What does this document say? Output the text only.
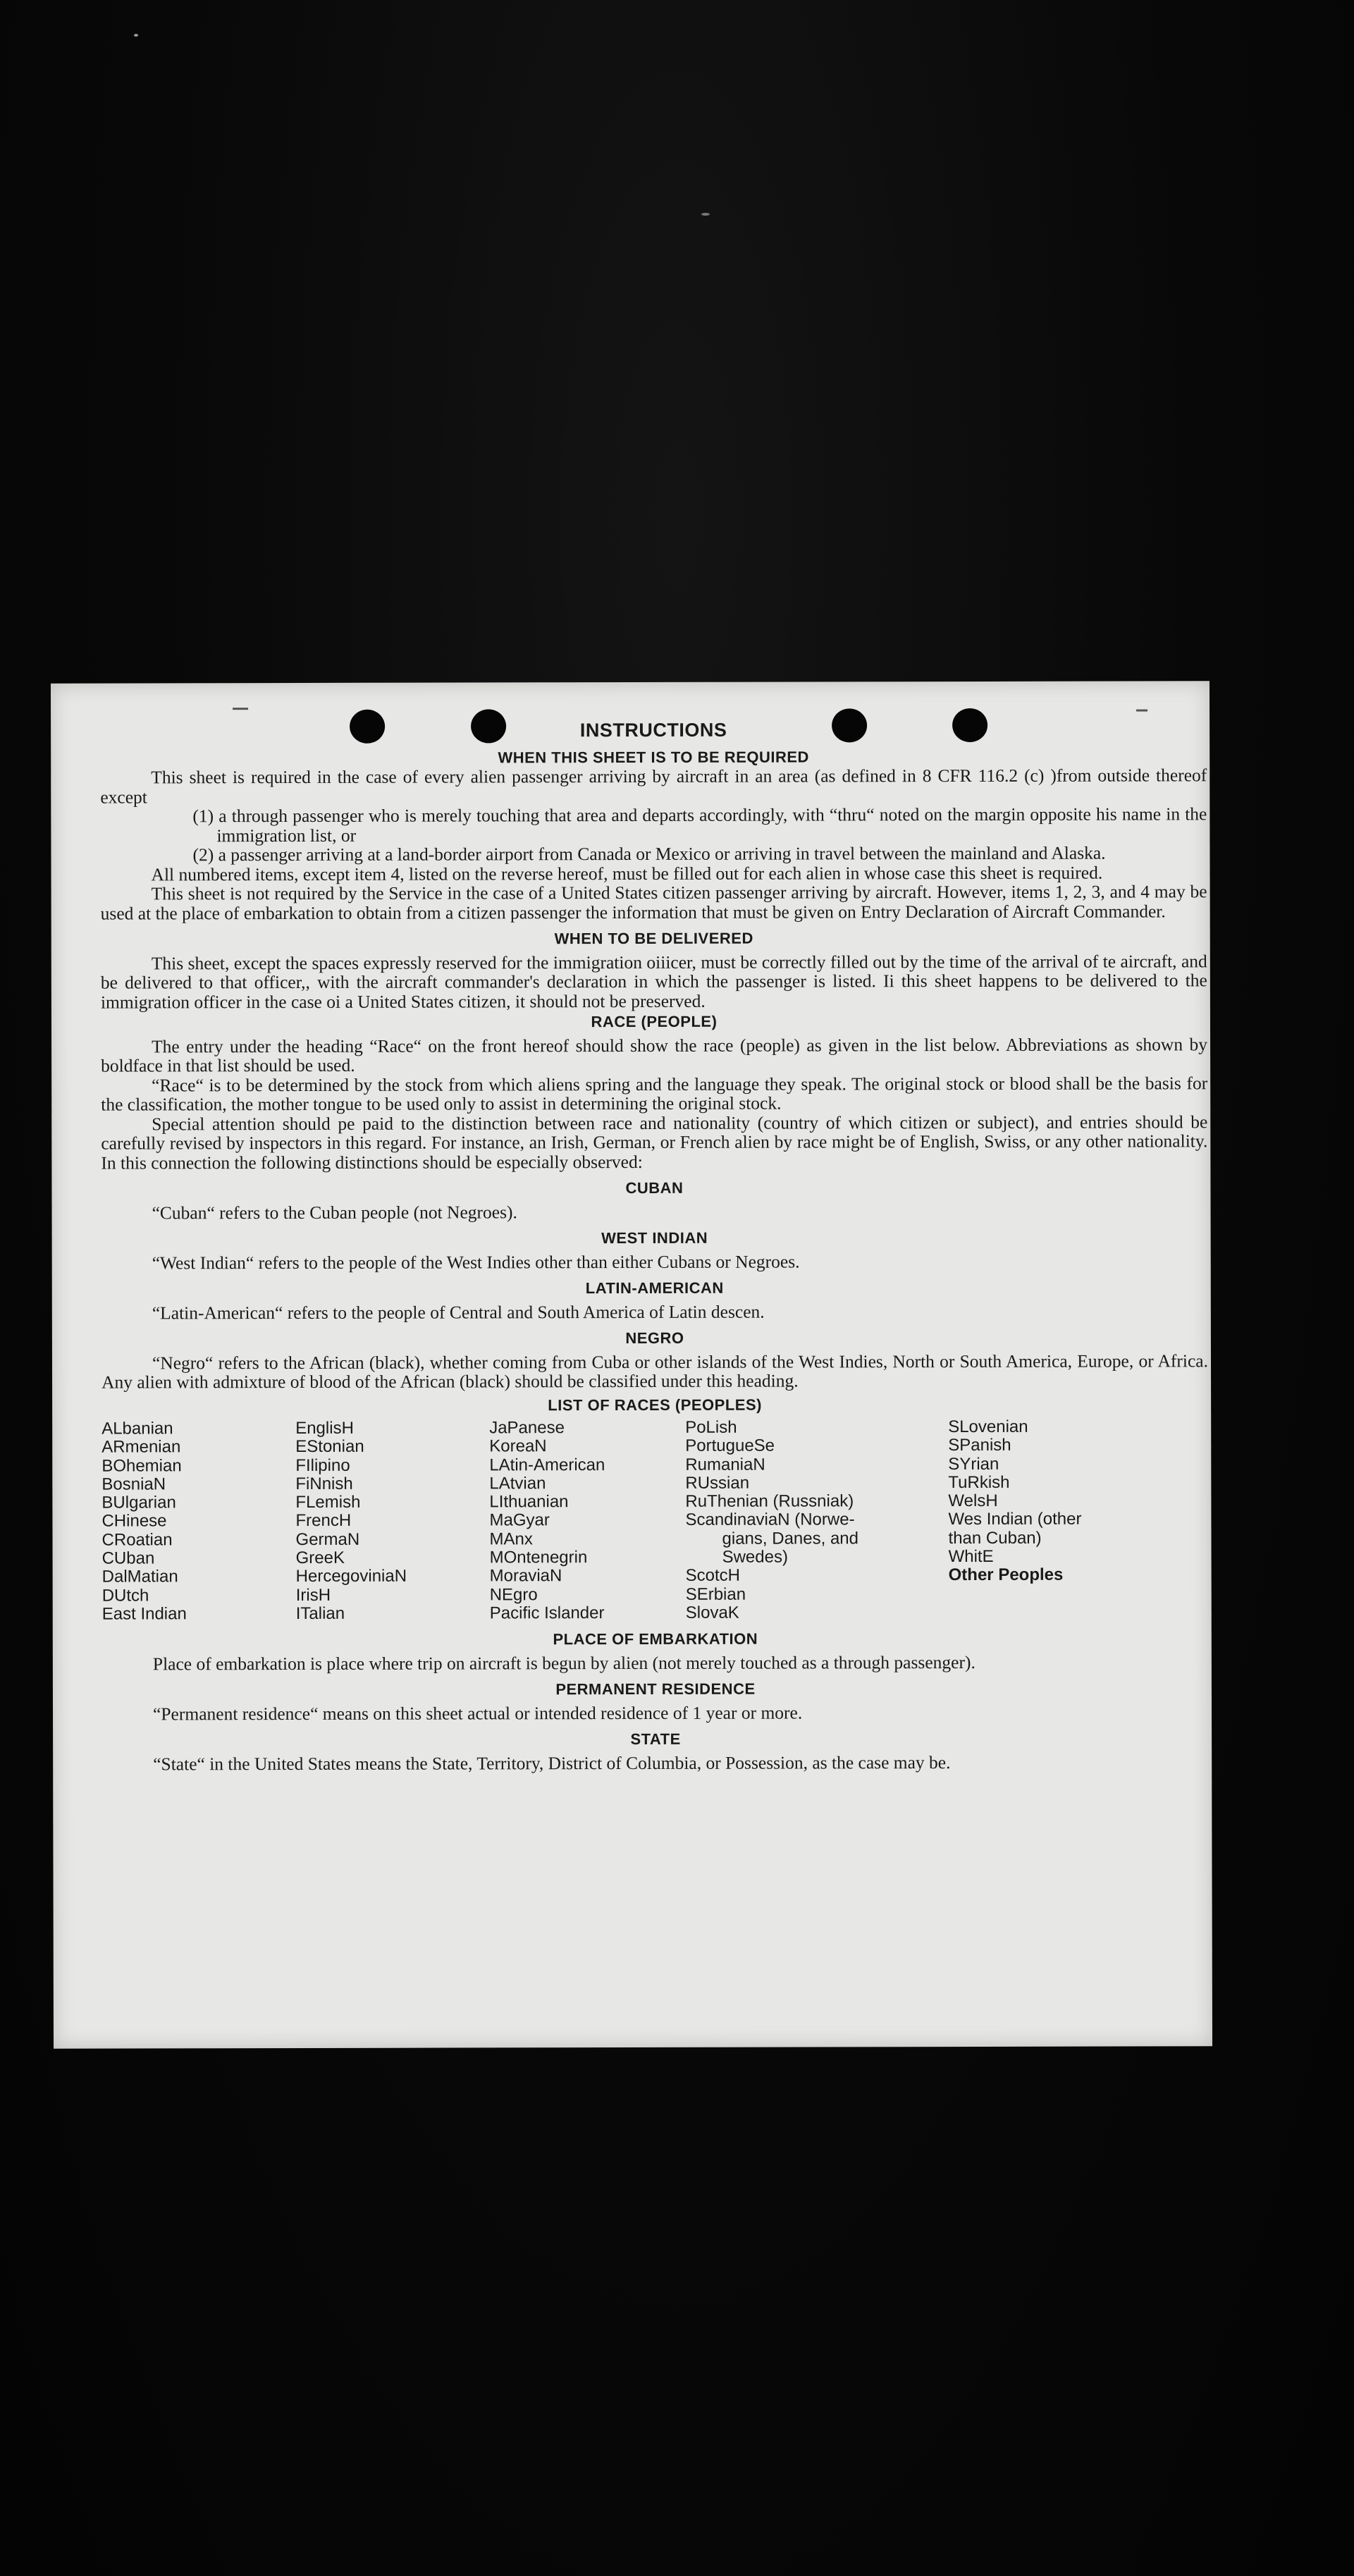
INSTRUCTIONS
WHEN THIS SHEET IS TO BE REQUIRED

This sheet is required in the case of every alien passenger arriving by aircraft in an area (as defined in 8 CFR 116.2 (c) )from outside thereof except

(1) a through passenger who is merely touching that area and departs accordingly, with “thru“ noted on the margin opposite his name in the immigration list, or

(2) a passenger arriving at a land-border airport from Canada or Mexico or arriving in travel between the mainland and Alaska.

All numbered items, except item 4, listed on the reverse hereof, must be filled out for each alien in whose case this sheet is required.

This sheet is not required by the Service in the case of a United States citizen passenger arriving by aircraft. However, items 1, 2, 3, and 4 may be used at the place of embarkation to obtain from a citizen passenger the information that must be given on Entry Declaration of Aircraft Commander.

WHEN TO BE DELIVERED

This sheet, except the spaces expressly reserved for the immigration oiiicer, must be correctly filled out by the time of the arrival of te aircraft, and be delivered to that officer,, with the aircraft commander's declaration in which the passenger is listed. Ii this sheet happens to be delivered to the immigration officer in the case oi a United States citizen, it should not be preserved.

RACE (PEOPLE)

The entry under the heading “Race“ on the front hereof should show the race (people) as given in the list below. Abbreviations as shown by boldface in that list should be used.

“Race“ is to be determined by the stock from which aliens spring and the language they speak. The original stock or blood shall be the basis for the classification, the mother tongue to be used only to assist in determining the original stock.

Special attention should pe paid to the distinction between race and nationality (country of which citizen or subject), and entries should be carefully revised by inspectors in this regard. For instance, an Irish, German, or French alien by race might be of English, Swiss, or any other nationality. In this connection the following distinctions should be especially observed:

CUBAN

“Cuban“ refers to the Cuban people (not Negroes).

WEST INDIAN

“West Indian“ refers to the people of the West Indies other than either Cubans or Negroes.

LATIN-AMERICAN

“Latin-American“ refers to the people of Central and South America of Latin descen.

NEGRO

“Negro“ refers to the African (black), whether coming from Cuba or other islands of the West Indies, North or South America, Europe, or Africa. Any alien with admixture of blood of the African (black) should be classified under this heading.

LIST OF RACES (PEOPLES)
ALbanian
ARmenian
BOhemian
BosniaN
BUlgarian
CHinese
CRoatian
CUban
DalMatian
DUtch
East Indian
EnglisH
EStonian
FIlipino
FiNnish
FLemish
FrencH
GermaN
GreeK
HercegoviniaN
IrisH
ITalian
JaPanese
KoreaN
LAtin-American
LAtvian
LIthuanian
MaGyar
MAnx
MOntenegrin
MoraviaN
NEgro
Pacific Islander
PoLish
PortugueSe
RumaniaN
RUssian
RuThenian (Russniak)
ScandinaviaN (Norwe-
gians, Danes, and
Swedes)
ScotcH
SErbian
SlovaK
SLovenian
SPanish
SYrian
TuRkish
WelsH
Wes Indian (other
than Cuban)
WhitE
Other Peoples
PLACE OF EMBARKATION

Place of embarkation is place where trip on aircraft is begun by alien (not merely touched as a through passenger).

PERMANENT RESIDENCE

“Permanent residence“ means on this sheet actual or intended residence of 1 year or more.

STATE

“State“ in the United States means the State, Territory, District of Columbia, or Possession, as the case may be.
